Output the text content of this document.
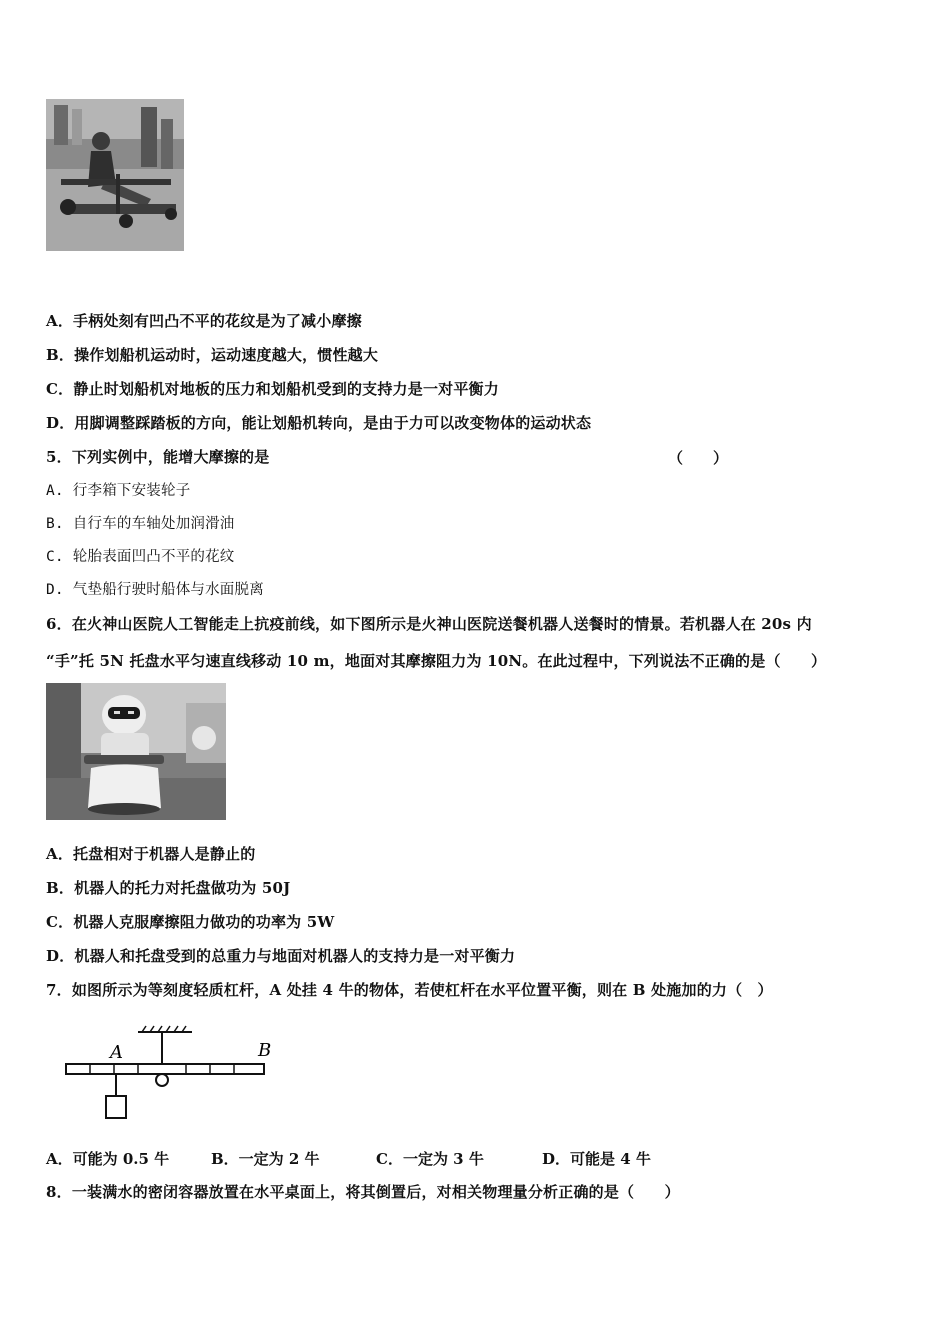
A．手柄处刻有凹凸不平的花纹是为了减小摩擦
B．操作划船机运动时，运动速度越大，惯性越大
C．静止时划船机对地板的压力和划船机受到的支持力是一对平衡力
D．用脚调整踩踏板的方向，能让划船机转向，是由于力可以改变物体的运动状态
5．下列实例中，能增大摩擦的是	（　　）
A. 行李箱下安装轮子
B. 自行车的车轴处加润滑油
C. 轮胎表面凹凸不平的花纹
D. 气垫船行驶时船体与水面脱离
6．在火神山医院人工智能走上抗疫前线，如下图所示是火神山医院送餐机器人送餐时的情景。若机器人在 20s 内
“手”托 5N 托盘水平匀速直线移动 10 m，地面对其摩擦阻力为 10N。在此过程中，下列说法不正确的是（　　）
A．托盘相对于机器人是静止的
B．机器人的托力对托盘做功为 50J
C．机器人克服摩擦阻力做功的功率为 5W
D．机器人和托盘受到的总重力与地面对机器人的支持力是一对平衡力
7．如图所示为等刻度轻质杠杆，A 处挂 4 牛的物体，若使杠杆在水平位置平衡，则在 B 处施加的力（　）
A	B
A．可能为 0.5 牛	B．一定为 2 牛	C．一定为 3 牛	D．可能是 4 牛
8．一装满水的密闭容器放置在水平桌面上，将其倒置后，对相关物理量分析正确的是（　　）
